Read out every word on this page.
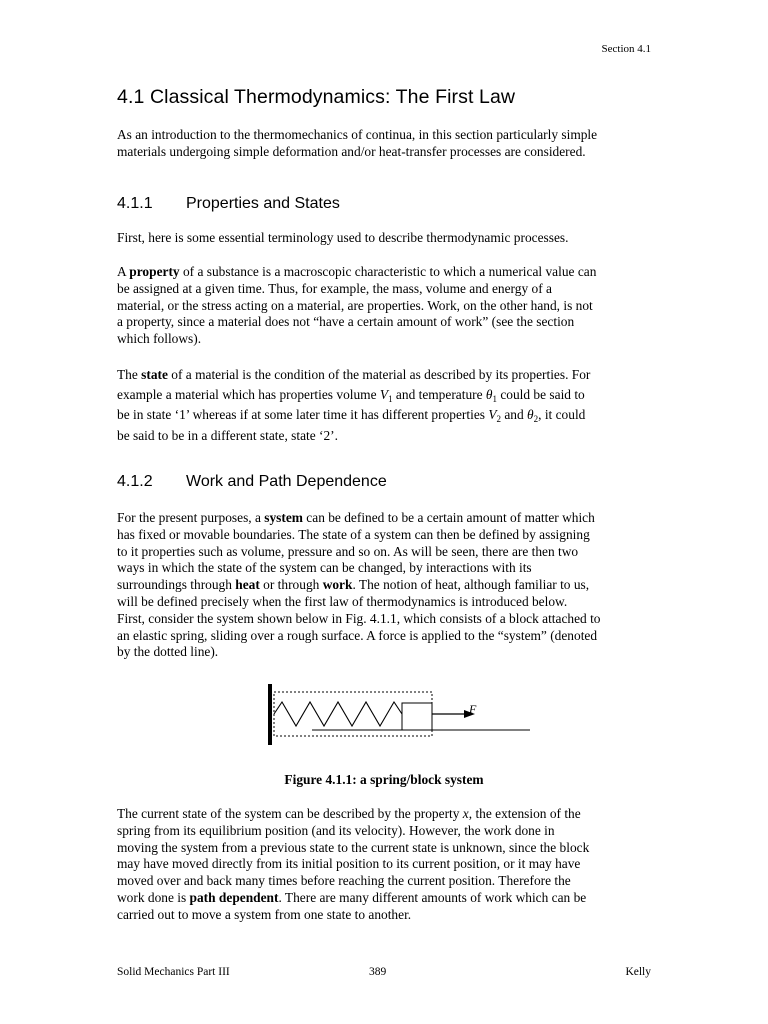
Section 4.1
4.1 Classical Thermodynamics: The First Law
As an introduction to the thermomechanics of continua, in this section particularly simple
materials undergoing simple deformation and/or heat-transfer processes are considered.
4.1.1 Properties and States
First, here is some essential terminology used to describe thermodynamic processes.
A property of a substance is a macroscopic characteristic to which a numerical value can
be assigned at a given time. Thus, for example, the mass, volume and energy of a
material, or the stress acting on a material, are properties. Work, on the other hand, is not
a property, since a material does not “have a certain amount of work” (see the section
which follows).
The state of a material is the condition of the material as described by its properties. For
example a material which has properties volume $V_1$ and temperature $\theta_1$ could be said to
be in state ‘1’ whereas if at some later time it has different properties $V_2$ and $\theta_2$, it could
be said to be in a different state, state ‘2’.
4.1.2 Work and Path Dependence
For the present purposes, a system can be defined to be a certain amount of matter which
has fixed or movable boundaries. The state of a system can then be defined by assigning
to it properties such as volume, pressure and so on. As will be seen, there are then two
ways in which the state of the system can be changed, by interactions with its
surroundings through heat or through work. The notion of heat, although familiar to us,
will be defined precisely when the first law of thermodynamics is introduced below.
First, consider the system shown below in Fig. 4.1.1, which consists of a block attached to
an elastic spring, sliding over a rough surface. A force is applied to the “system” (denoted
by the dotted line).
F
Figure 4.1.1: a spring/block system
The current state of the system can be described by the property x, the extension of the
spring from its equilibrium position (and its velocity). However, the work done in
moving the system from a previous state to the current state is unknown, since the block
may have moved directly from its initial position to its current position, or it may have
moved over and back many times before reaching the current position. Therefore the
work done is path dependent. There are many different amounts of work which can be
carried out to move a system from one state to another.
Solid Mechanics Part III	389	Kelly
